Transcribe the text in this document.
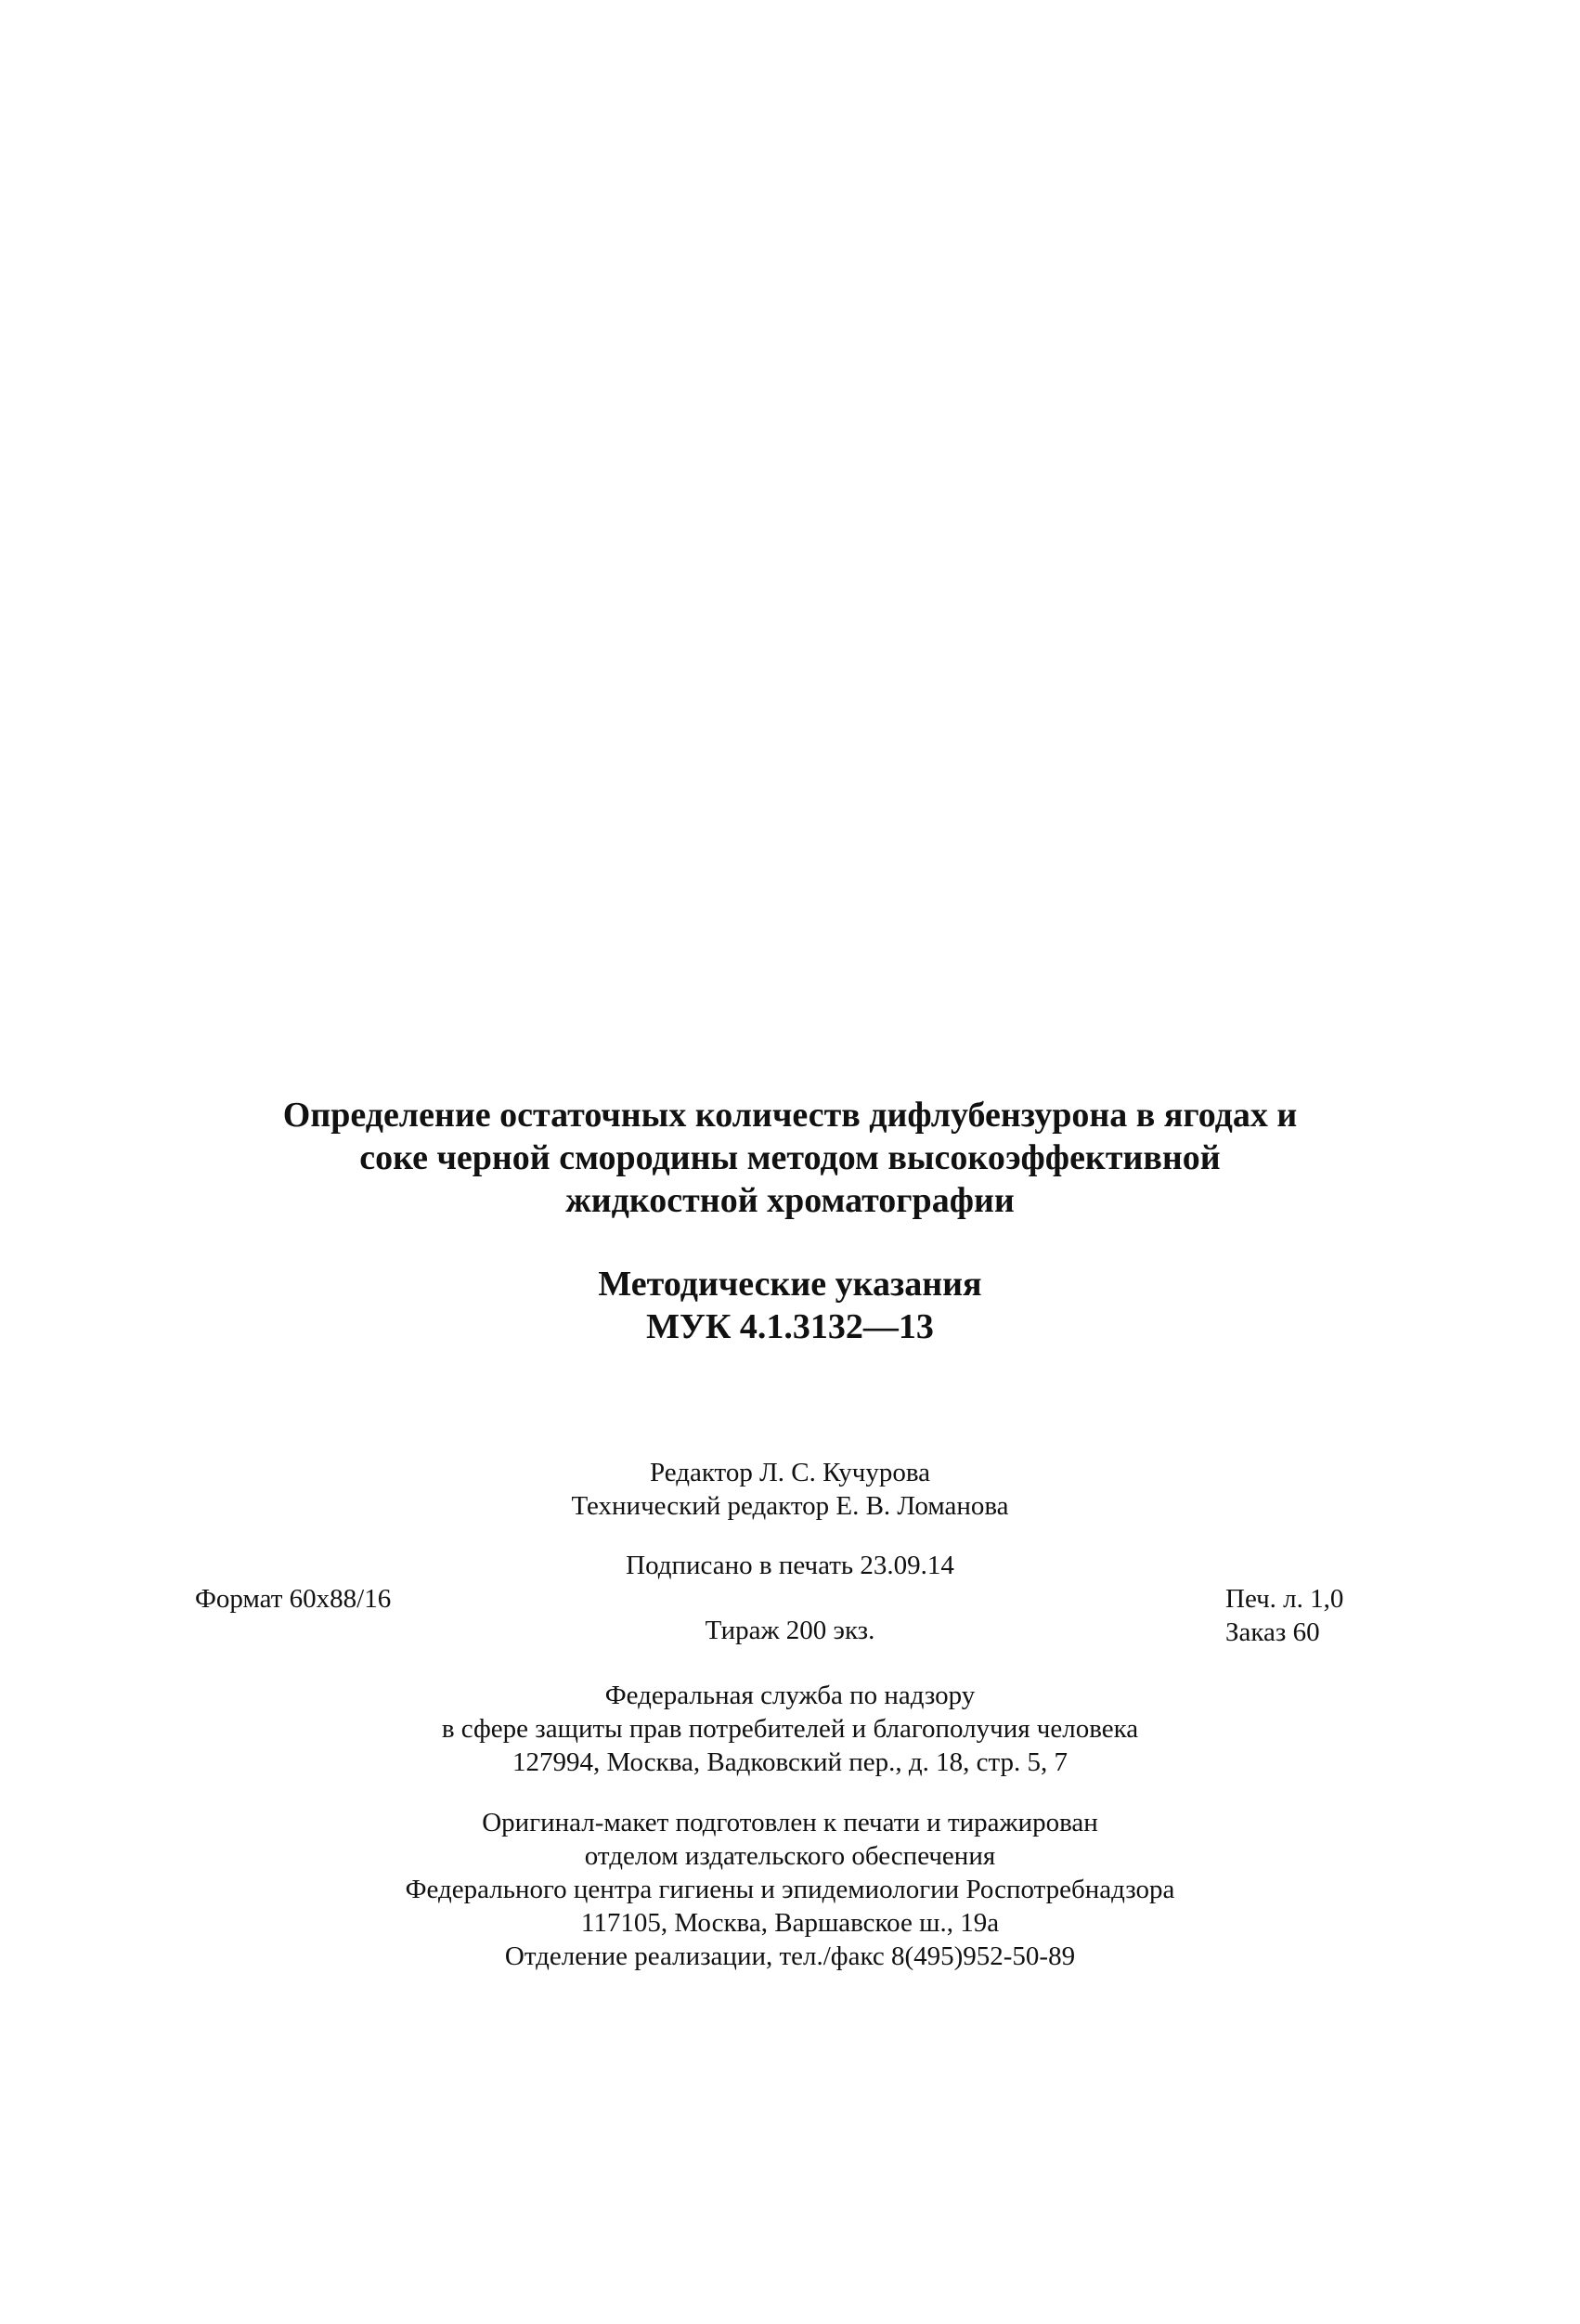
Определение остаточных количеств дифлубензурона в ягодах и
соке черной смородины методом высокоэффективной
жидкостной хроматографии
Методические указания
МУК 4.1.3132—13
Редактор Л. С. Кучурова
Технический редактор Е. В. Ломанова
Подписано в печать 23.09.14
Формат 60x88/16	Печ. л. 1,0
Заказ 60
Тираж 200 экз.
Федеральная служба по надзору
в сфере защиты прав потребителей и благополучия человека
127994, Москва, Вадковский пер., д. 18, стр. 5, 7
Оригинал-макет подготовлен к печати и тиражирован
отделом издательского обеспечения
Федерального центра гигиены и эпидемиологии Роспотребнадзора
117105, Москва, Варшавское ш., 19а
Отделение реализации, тел./факс 8(495)952-50-89
